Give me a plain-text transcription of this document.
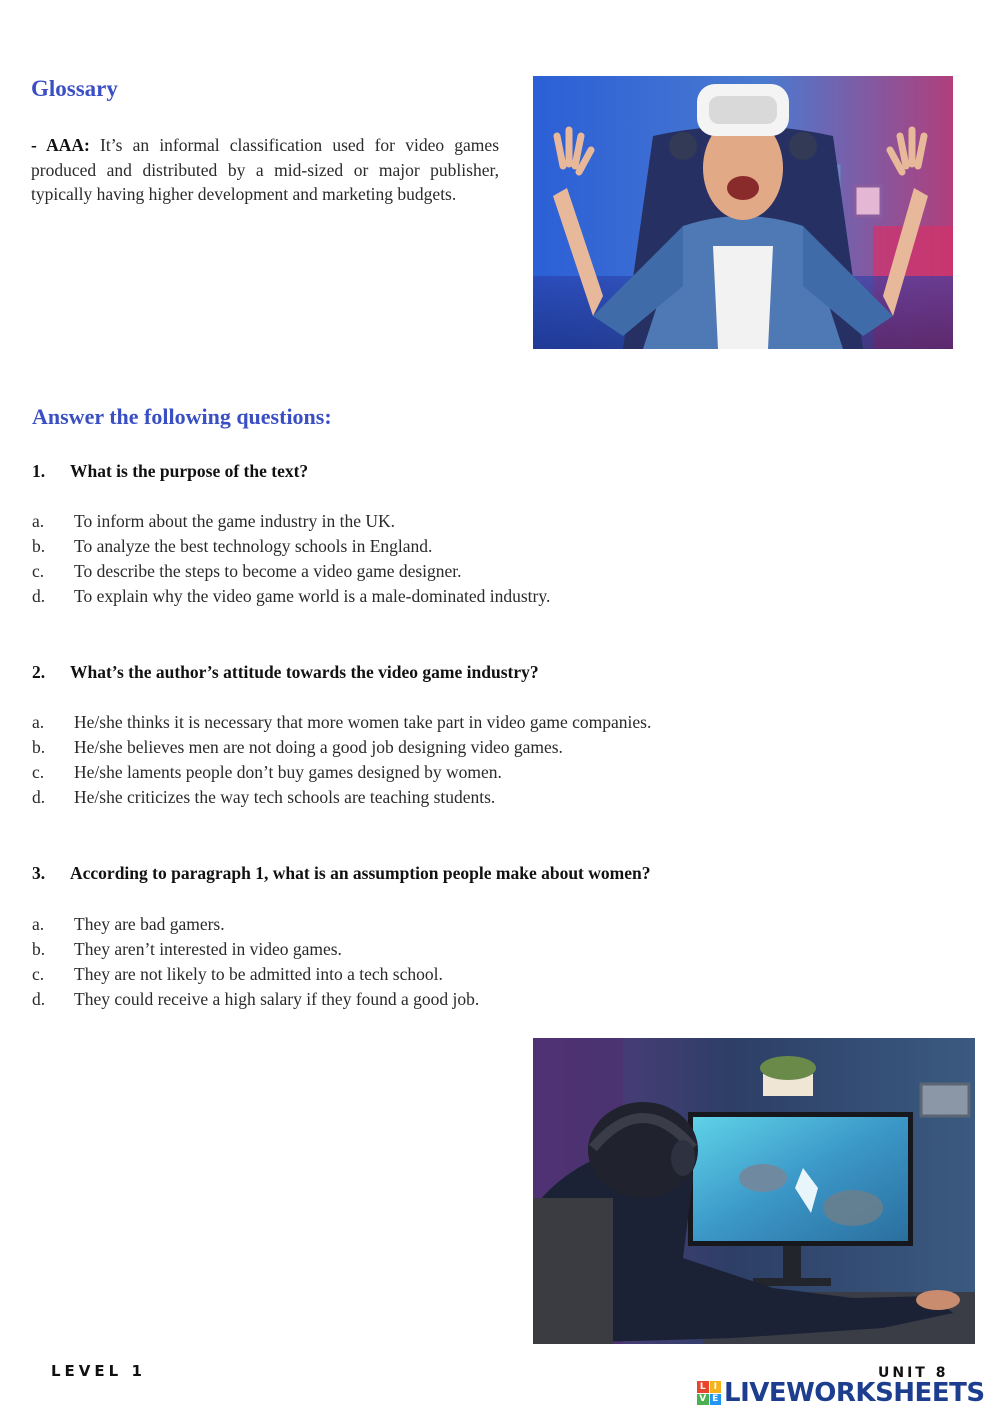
Glossary
- AAA: It’s an informal classification used for video games produced and distributed by a mid-sized or major publisher, typically having higher development and marketing budgets.
Answer the following questions:
1. What is the purpose of the text?
a. To inform about the game industry in the UK.
b. To analyze the best technology schools in England.
c. To describe the steps to become a video game designer.
d. To explain why the video game world is a male-dominated industry.
2. What’s the author’s attitude towards the video game industry?
a. He/she thinks it is necessary that more women take part in video game companies.
b. He/she believes men are not doing a good job designing video games.
c. He/she laments people don’t buy games designed by women.
d. He/she criticizes the way tech schools are teaching students.
3. According to paragraph 1, what is an assumption people make about women?
a. They are bad gamers.
b. They aren’t interested in video games.
c. They are not likely to be admitted into a tech school.
d. They could receive a high salary if they found a good job.
LEVEL 1	UNIT 8
L I
V E LIVEWORKSHEETS
